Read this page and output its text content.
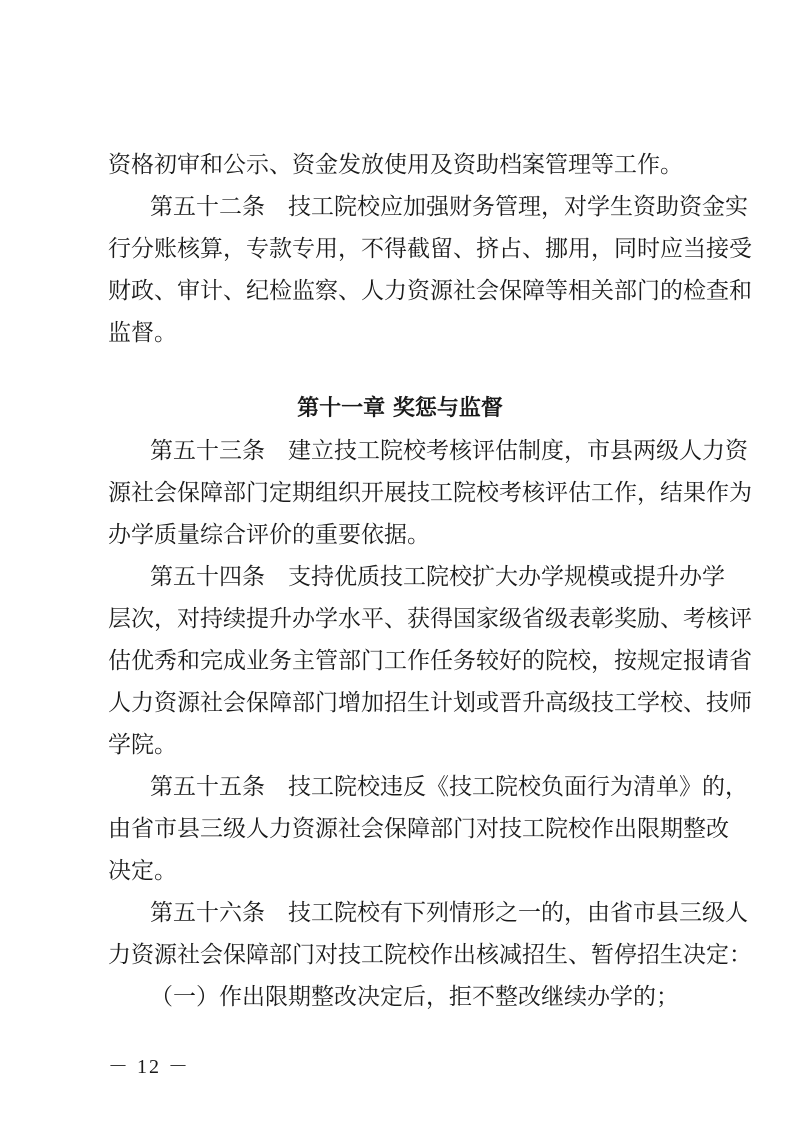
资格初审和公示、资金发放使用及资助档案管理等工作。
第五十二条　技工院校应加强财务管理，对学生资助资金实
行分账核算，专款专用，不得截留、挤占、挪用，同时应当接受
财政、审计、纪检监察、人力资源社会保障等相关部门的检查和
监督。
第十一章 奖惩与监督
第五十三条　建立技工院校考核评估制度，市县两级人力资
源社会保障部门定期组织开展技工院校考核评估工作，结果作为
办学质量综合评价的重要依据。
第五十四条　支持优质技工院校扩大办学规模或提升办学
层次，对持续提升办学水平、获得国家级省级表彰奖励、考核评
估优秀和完成业务主管部门工作任务较好的院校，按规定报请省
人力资源社会保障部门增加招生计划或晋升高级技工学校、技师
学院。
第五十五条　技工院校违反《技工院校负面行为清单》的，
由省市县三级人力资源社会保障部门对技工院校作出限期整改
决定。
第五十六条　技工院校有下列情形之一的，由省市县三级人
力资源社会保障部门对技工院校作出核减招生、暂停招生决定：
（一）作出限期整改决定后，拒不整改继续办学的；
－ 12 －
